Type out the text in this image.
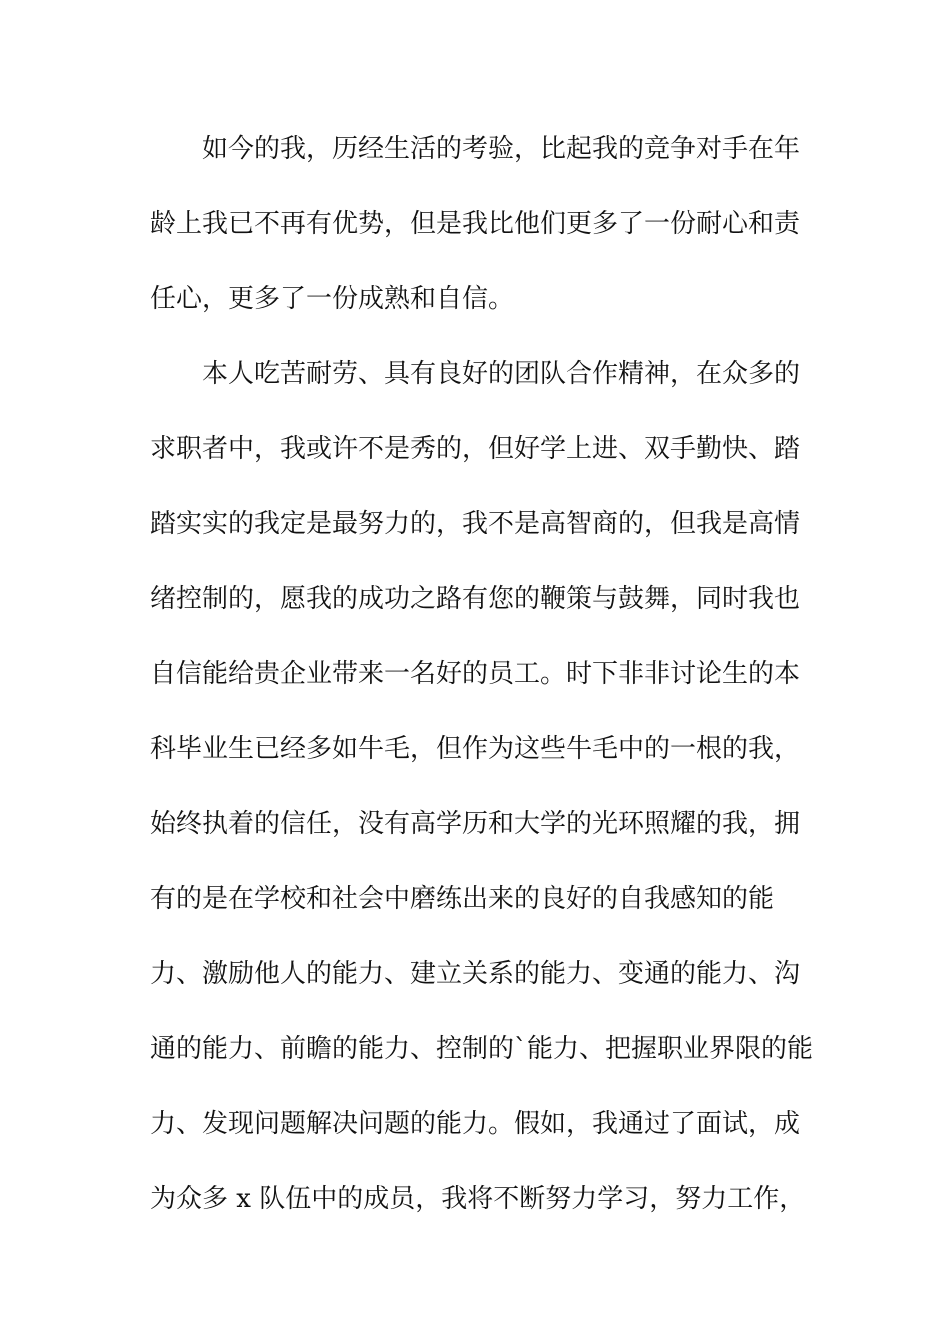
如今的我，历经生活的考验，比起我的竞争对手在年
龄上我已不再有优势，但是我比他们更多了一份耐心和责
任心，更多了一份成熟和自信。
本人吃苦耐劳、具有良好的团队合作精神，在众多的
求职者中，我或许不是秀的，但好学上进、双手勤快、踏
踏实实的我定是最努力的，我不是高智商的，但我是高情
绪控制的，愿我的成功之路有您的鞭策与鼓舞，同时我也
自信能给贵企业带来一名好的员工。时下非非讨论生的本
科毕业生已经多如牛毛，但作为这些牛毛中的一根的我，
始终执着的信任，没有高学历和大学的光环照耀的我，拥
有的是在学校和社会中磨练出来的良好的自我感知的能
力、激励他人的能力、建立关系的能力、变通的能力、沟
通的能力、前瞻的能力、控制的`能力、把握职业界限的能
力、发现问题解决问题的能力。假如，我通过了面试，成
为众多 x 队伍中的成员，我将不断努力学习，努力工作，
